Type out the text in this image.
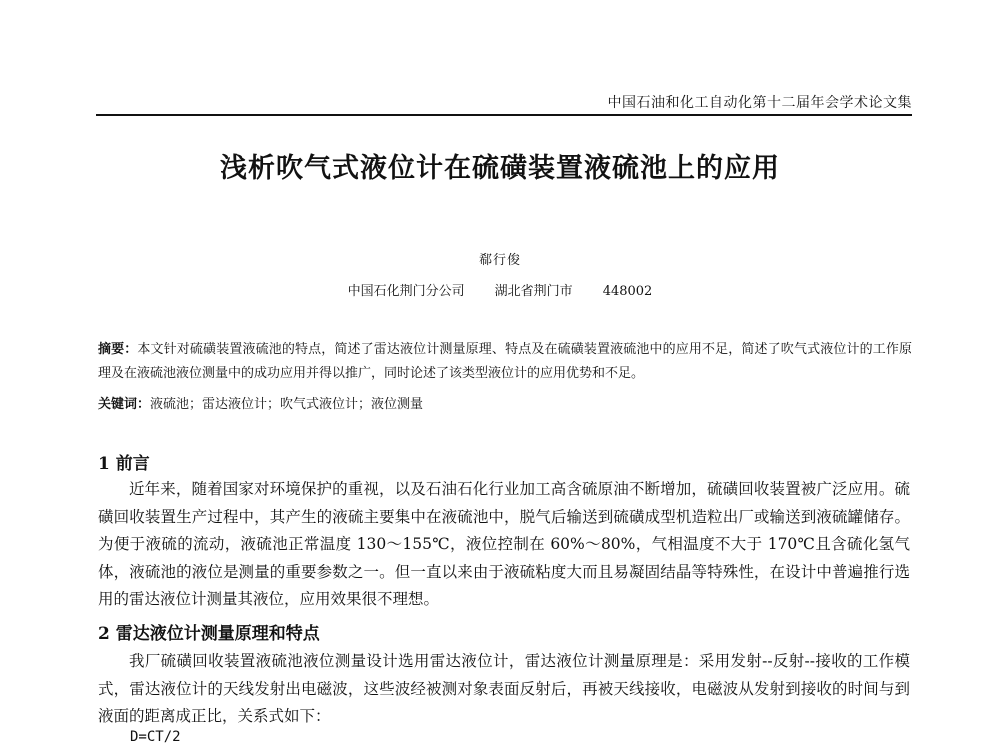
中国石油和化工自动化第十二届年会学术论文集
浅析吹气式液位计在硫磺装置液硫池上的应用
郗行俊
中国石化荆门分公司 湖北省荆门市 448002
摘要：本文针对硫磺装置液硫池的特点，简述了雷达液位计测量原理、特点及在硫磺装置液硫池中的应用不足，简述了吹气式液位计的工作原理及在液硫池液位测量中的成功应用并得以推广，同时论述了该类型液位计的应用优势和不足。
关键词：液硫池；雷达液位计；吹气式液位计；液位测量
1 前言
近年来，随着国家对环境保护的重视，以及石油石化行业加工高含硫原油不断增加，硫磺回收装置被广泛应用。硫磺回收装置生产过程中，其产生的液硫主要集中在液硫池中，脱气后输送到硫磺成型机造粒出厂或输送到液硫罐储存。为便于液硫的流动，液硫池正常温度 130～155℃，液位控制在 60%～80%，气相温度不大于 170℃且含硫化氢气体，液硫池的液位是测量的重要参数之一。但一直以来由于液硫粘度大而且易凝固结晶等特殊性，在设计中普遍推行选用的雷达液位计测量其液位，应用效果很不理想。
2 雷达液位计测量原理和特点
我厂硫磺回收装置液硫池液位测量设计选用雷达液位计，雷达液位计测量原理是：采用发射--反射--接收的工作模式，雷达液位计的天线发射出电磁波，这些波经被测对象表面反射后，再被天线接收，电磁波从发射到接收的时间与到液面的距离成正比，关系式如下：
D=CT/2
